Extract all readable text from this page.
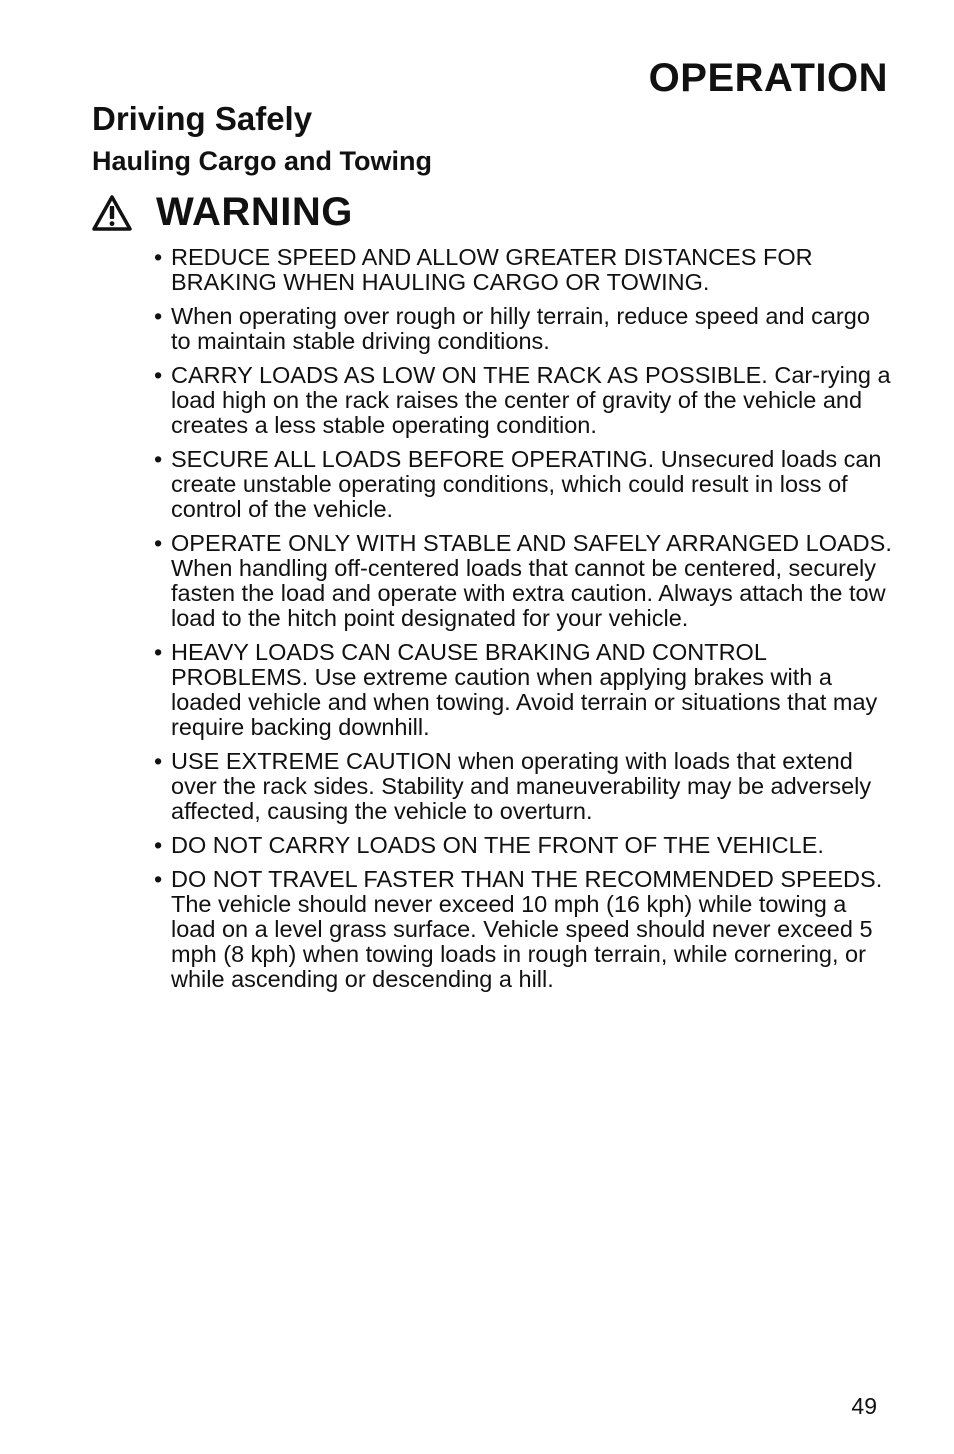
OPERATION
Driving Safely
Hauling Cargo and Towing
WARNING
• REDUCE SPEED AND ALLOW GREATER DISTANCES FOR BRAKING WHEN HAULING CARGO OR TOWING.
• When operating over rough or hilly terrain, reduce speed and cargo to maintain stable driving conditions.
• CARRY LOADS AS LOW ON THE RACK AS POSSIBLE. Car-rying a load high on the rack raises the center of gravity of the vehicle and creates a less stable operating condition.
• SECURE ALL LOADS BEFORE OPERATING. Unsecured loads can create unstable operating conditions, which could result in loss of control of the vehicle.
• OPERATE ONLY WITH STABLE AND SAFELY ARRANGED LOADS. When handling off-centered loads that cannot be centered, securely fasten the load and operate with extra caution. Always attach the tow load to the hitch point designated for your vehicle.
• HEAVY LOADS CAN CAUSE BRAKING AND CONTROL PROBLEMS. Use extreme caution when applying brakes with a loaded vehicle and when towing. Avoid terrain or situations that may require backing downhill.
• USE EXTREME CAUTION when operating with loads that extend over the rack sides. Stability and maneuverability may be adversely affected, causing the vehicle to overturn.
• DO NOT CARRY LOADS ON THE FRONT OF THE VEHICLE.
• DO NOT TRAVEL FASTER THAN THE RECOMMENDED SPEEDS. The vehicle should never exceed 10 mph (16 kph) while towing a load on a level grass surface. Vehicle speed should never exceed 5 mph (8 kph) when towing loads in rough terrain, while cornering, or while ascending or descending a hill.
49
